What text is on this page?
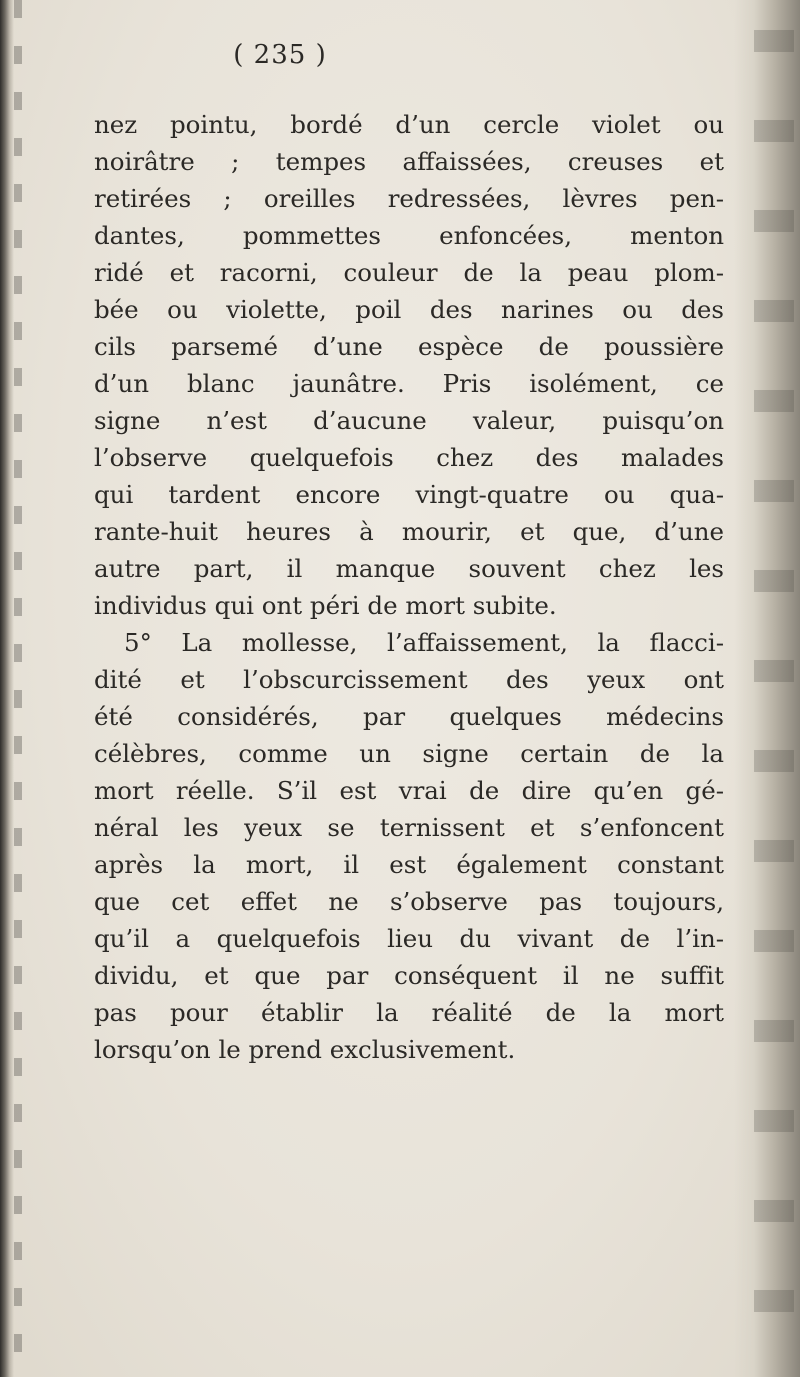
( 235 )
nez pointu, bordé d’un cercle violet ou
noirâtre ; tempes affaissées, creuses et
retirées ; oreilles redressées, lèvres pen-
dantes, pommettes enfoncées, menton
ridé et racorni, couleur de la peau plom-
bée ou violette, poil des narines ou des
cils parsemé d’une espèce de poussière
d’un blanc jaunâtre. Pris isolément, ce
signe n’est d’aucune valeur, puisqu’on
l’observe quelquefois chez des malades
qui tardent encore vingt-quatre ou qua-
rante-huit heures à mourir, et que, d’une
autre part, il manque souvent chez les
individus qui ont péri de mort subite.
5° La mollesse, l’affaissement, la flacci-
dité et l’obscurcissement des yeux ont
été considérés, par quelques médecins
célèbres, comme un signe certain de la
mort réelle. S’il est vrai de dire qu’en gé-
néral les yeux se ternissent et s’enfoncent
après la mort, il est également constant
que cet effet ne s’observe pas toujours,
qu’il a quelquefois lieu du vivant de l’in-
dividu, et que par conséquent il ne suffit
pas pour établir la réalité de la mort
lorsqu’on le prend exclusivement.
